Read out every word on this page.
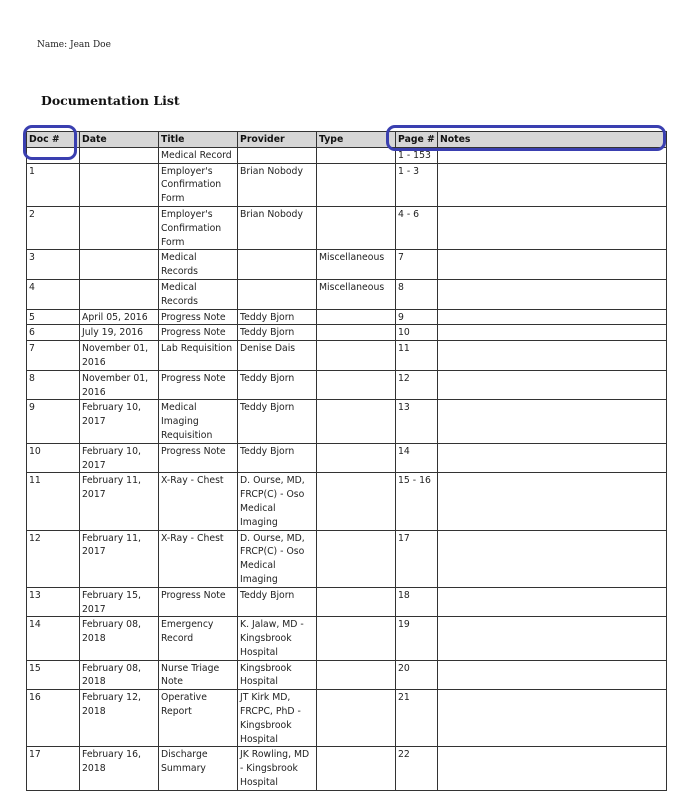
Name: Jean Doe
Documentation List
Doc #	Date	Title	Provider	Type	Page #	Notes
		Medical Record			1 - 153	
1		Employer's Confirmation Form	Brian Nobody		1 - 3	
2		Employer's Confirmation Form	Brian Nobody		4 - 6	
3		Medical Records		Miscellaneous	7	
4		Medical Records		Miscellaneous	8	
5	April 05, 2016	Progress Note	Teddy Bjorn		9	
6	July 19, 2016	Progress Note	Teddy Bjorn		10	
7	November 01, 2016	Lab Requisition	Denise Dais		11	
8	November 01, 2016	Progress Note	Teddy Bjorn		12	
9	February 10, 2017	Medical Imaging Requisition	Teddy Bjorn		13	
10	February 10, 2017	Progress Note	Teddy Bjorn		14	
11	February 11, 2017	X-Ray - Chest	D. Ourse, MD, FRCP(C) - Oso Medical Imaging		15 - 16	
12	February 11, 2017	X-Ray - Chest	D. Ourse, MD, FRCP(C) - Oso Medical Imaging		17	
13	February 15, 2017	Progress Note	Teddy Bjorn		18	
14	February 08, 2018	Emergency Record	K. Jalaw, MD - Kingsbrook Hospital		19	
15	February 08, 2018	Nurse Triage Note	Kingsbrook Hospital		20	
16	February 12, 2018	Operative Report	JT Kirk MD, FRCPC, PhD - Kingsbrook Hospital		21	
17	February 16, 2018	Discharge Summary	JK Rowling, MD - Kingsbrook Hospital		22	
